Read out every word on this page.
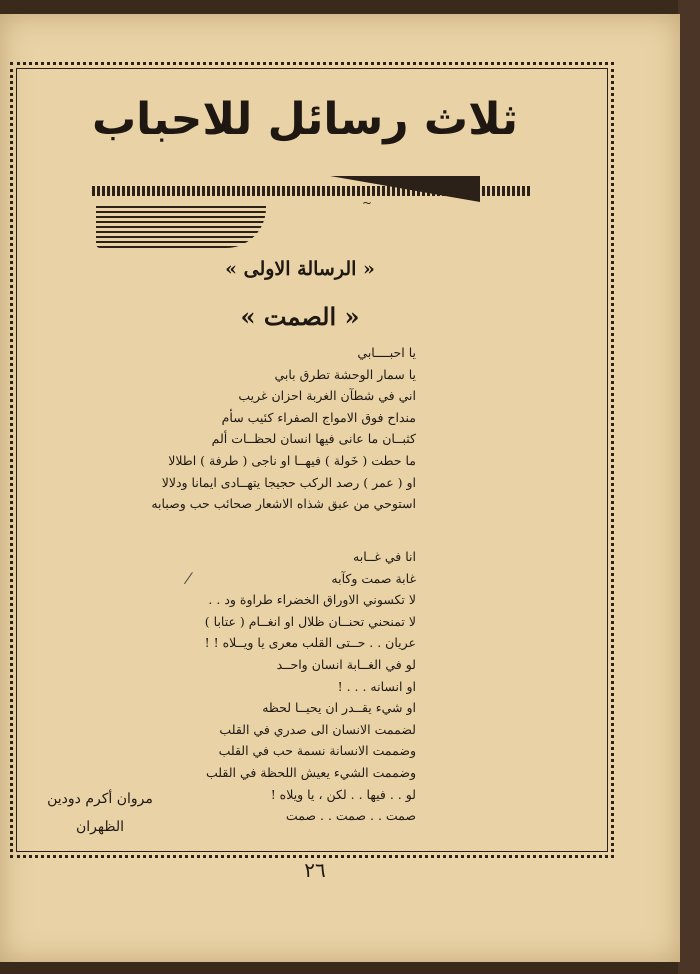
ثلاث رسائل للاحباب
~
« الرسالة الاولى »
« الصمت »
يا احبــــابي
يا سمار الوحشة تطرق بابي
اني في شطآن الغربة احزان غريب
منداح فوق الامواج الصفراء كئيب سأم
كثبــان ما عانى فيها انسان لحظــات ألم
ما حطت ( خَولة ) فيهــا او ناجى ( طرفة ) اطلالا
او ( عمر ) رصد الركب حجيجا يتهــادى ايمانا ودلالا
استوحي من عبق شذاه الاشعار صحائب حب وصبابه
انا في غــابه
غابة صمت وكآبه
لا تكسوني الاوراق الخضراء طراوة ود . .
لا تمنحني تحنــان ظلال او انغــام ( عتابا )
عريان . . حــتى القلب معرى يا ويــلاه ! !
لو في الغــابة انسان واحــد
او انسانه . . . !
او شيء يقــدر ان يحيــا لحظه
لضممت الانسان الى صدري في القلب
وضممت الانسانة نسمة حب في القلب
وضممت الشيء يعيش اللحظة في القلب
لو . . فيها . . لكن ، يا ويلاه !
صمت . . صمت . . صمت
مروان أكرم دودين
الظهران
٢٦
